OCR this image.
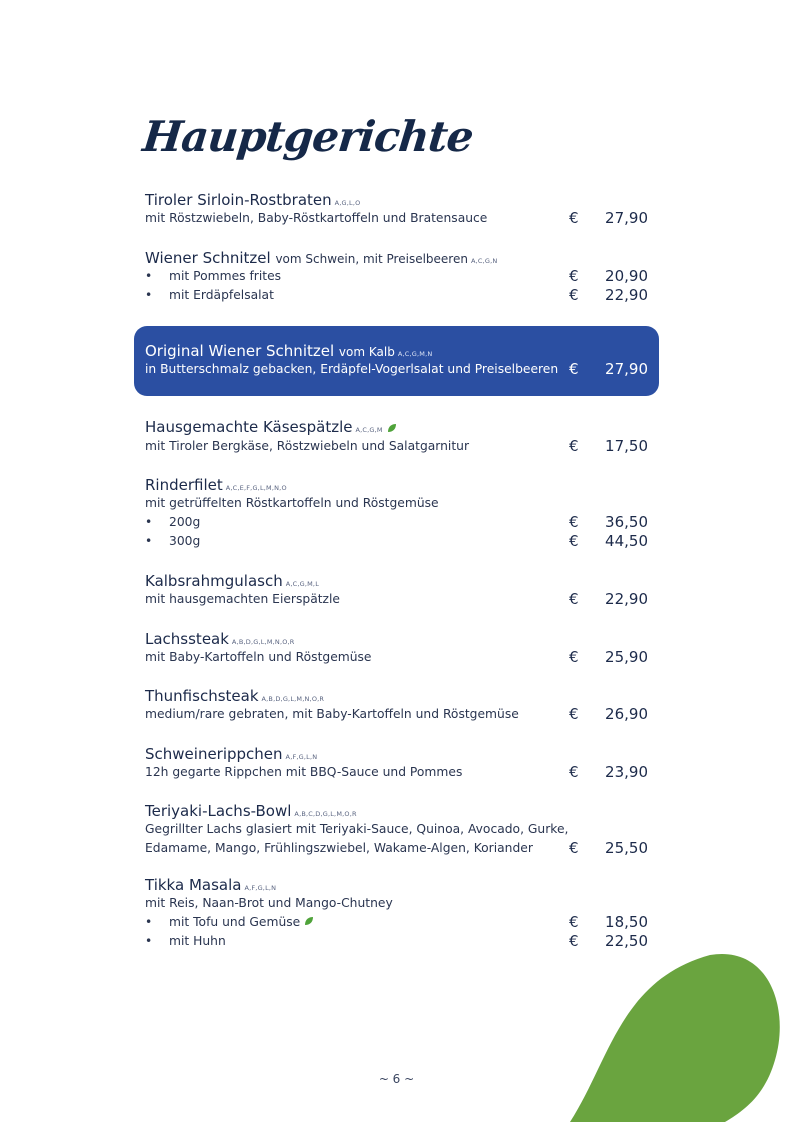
Hauptgerichte
Tiroler Sirloin-Rostbraten A,G,L,O
mit Röstzwiebeln, Baby-Röstkartoffeln und Bratensauce	€ 27,90
Wiener Schnitzel vom Schwein, mit Preiselbeeren A,C,G,N
• mit Pommes frites	€ 20,90
• mit Erdäpfelsalat	€ 22,90
Original Wiener Schnitzel vom Kalb A,C,G,M,N
in Butterschmalz gebacken, Erdäpfel-Vogerlsalat und Preiselbeeren € 27,90
Hausgemachte Käsespätzle A,C,G,M
mit Tiroler Bergkäse, Röstzwiebeln und Salatgarnitur	€ 17,50
Rinderfilet A,C,E,F,G,L,M,N,O
mit getrüffelten Röstkartoffeln und Röstgemüse
• 200g	€ 36,50
• 300g	€ 44,50
Kalbsrahmgulasch A,C,G,M,L
mit hausgemachten Eierspätzle	€ 22,90
Lachssteak A,B,D,G,L,M,N,O,R
mit Baby-Kartoffeln und Röstgemüse	€ 25,90
Thunfischsteak A,B,D,G,L,M,N,O,R
medium/rare gebraten, mit Baby-Kartoffeln und Röstgemüse	€ 26,90
Schweinerippchen A,F,G,L,N
12h gegarte Rippchen mit BBQ-Sauce und Pommes	€ 23,90
Teriyaki-Lachs-Bowl A,B,C,D,G,L,M,O,R
Gegrillter Lachs glasiert mit Teriyaki-Sauce, Quinoa, Avocado, Gurke,
Edamame, Mango, Frühlingszwiebel, Wakame-Algen, Koriander € 25,50
Tikka Masala A,F,G,L,N
mit Reis, Naan-Brot und Mango-Chutney
• mit Tofu und Gemüse	€ 18,50
• mit Huhn	€ 22,50
~ 6 ~
